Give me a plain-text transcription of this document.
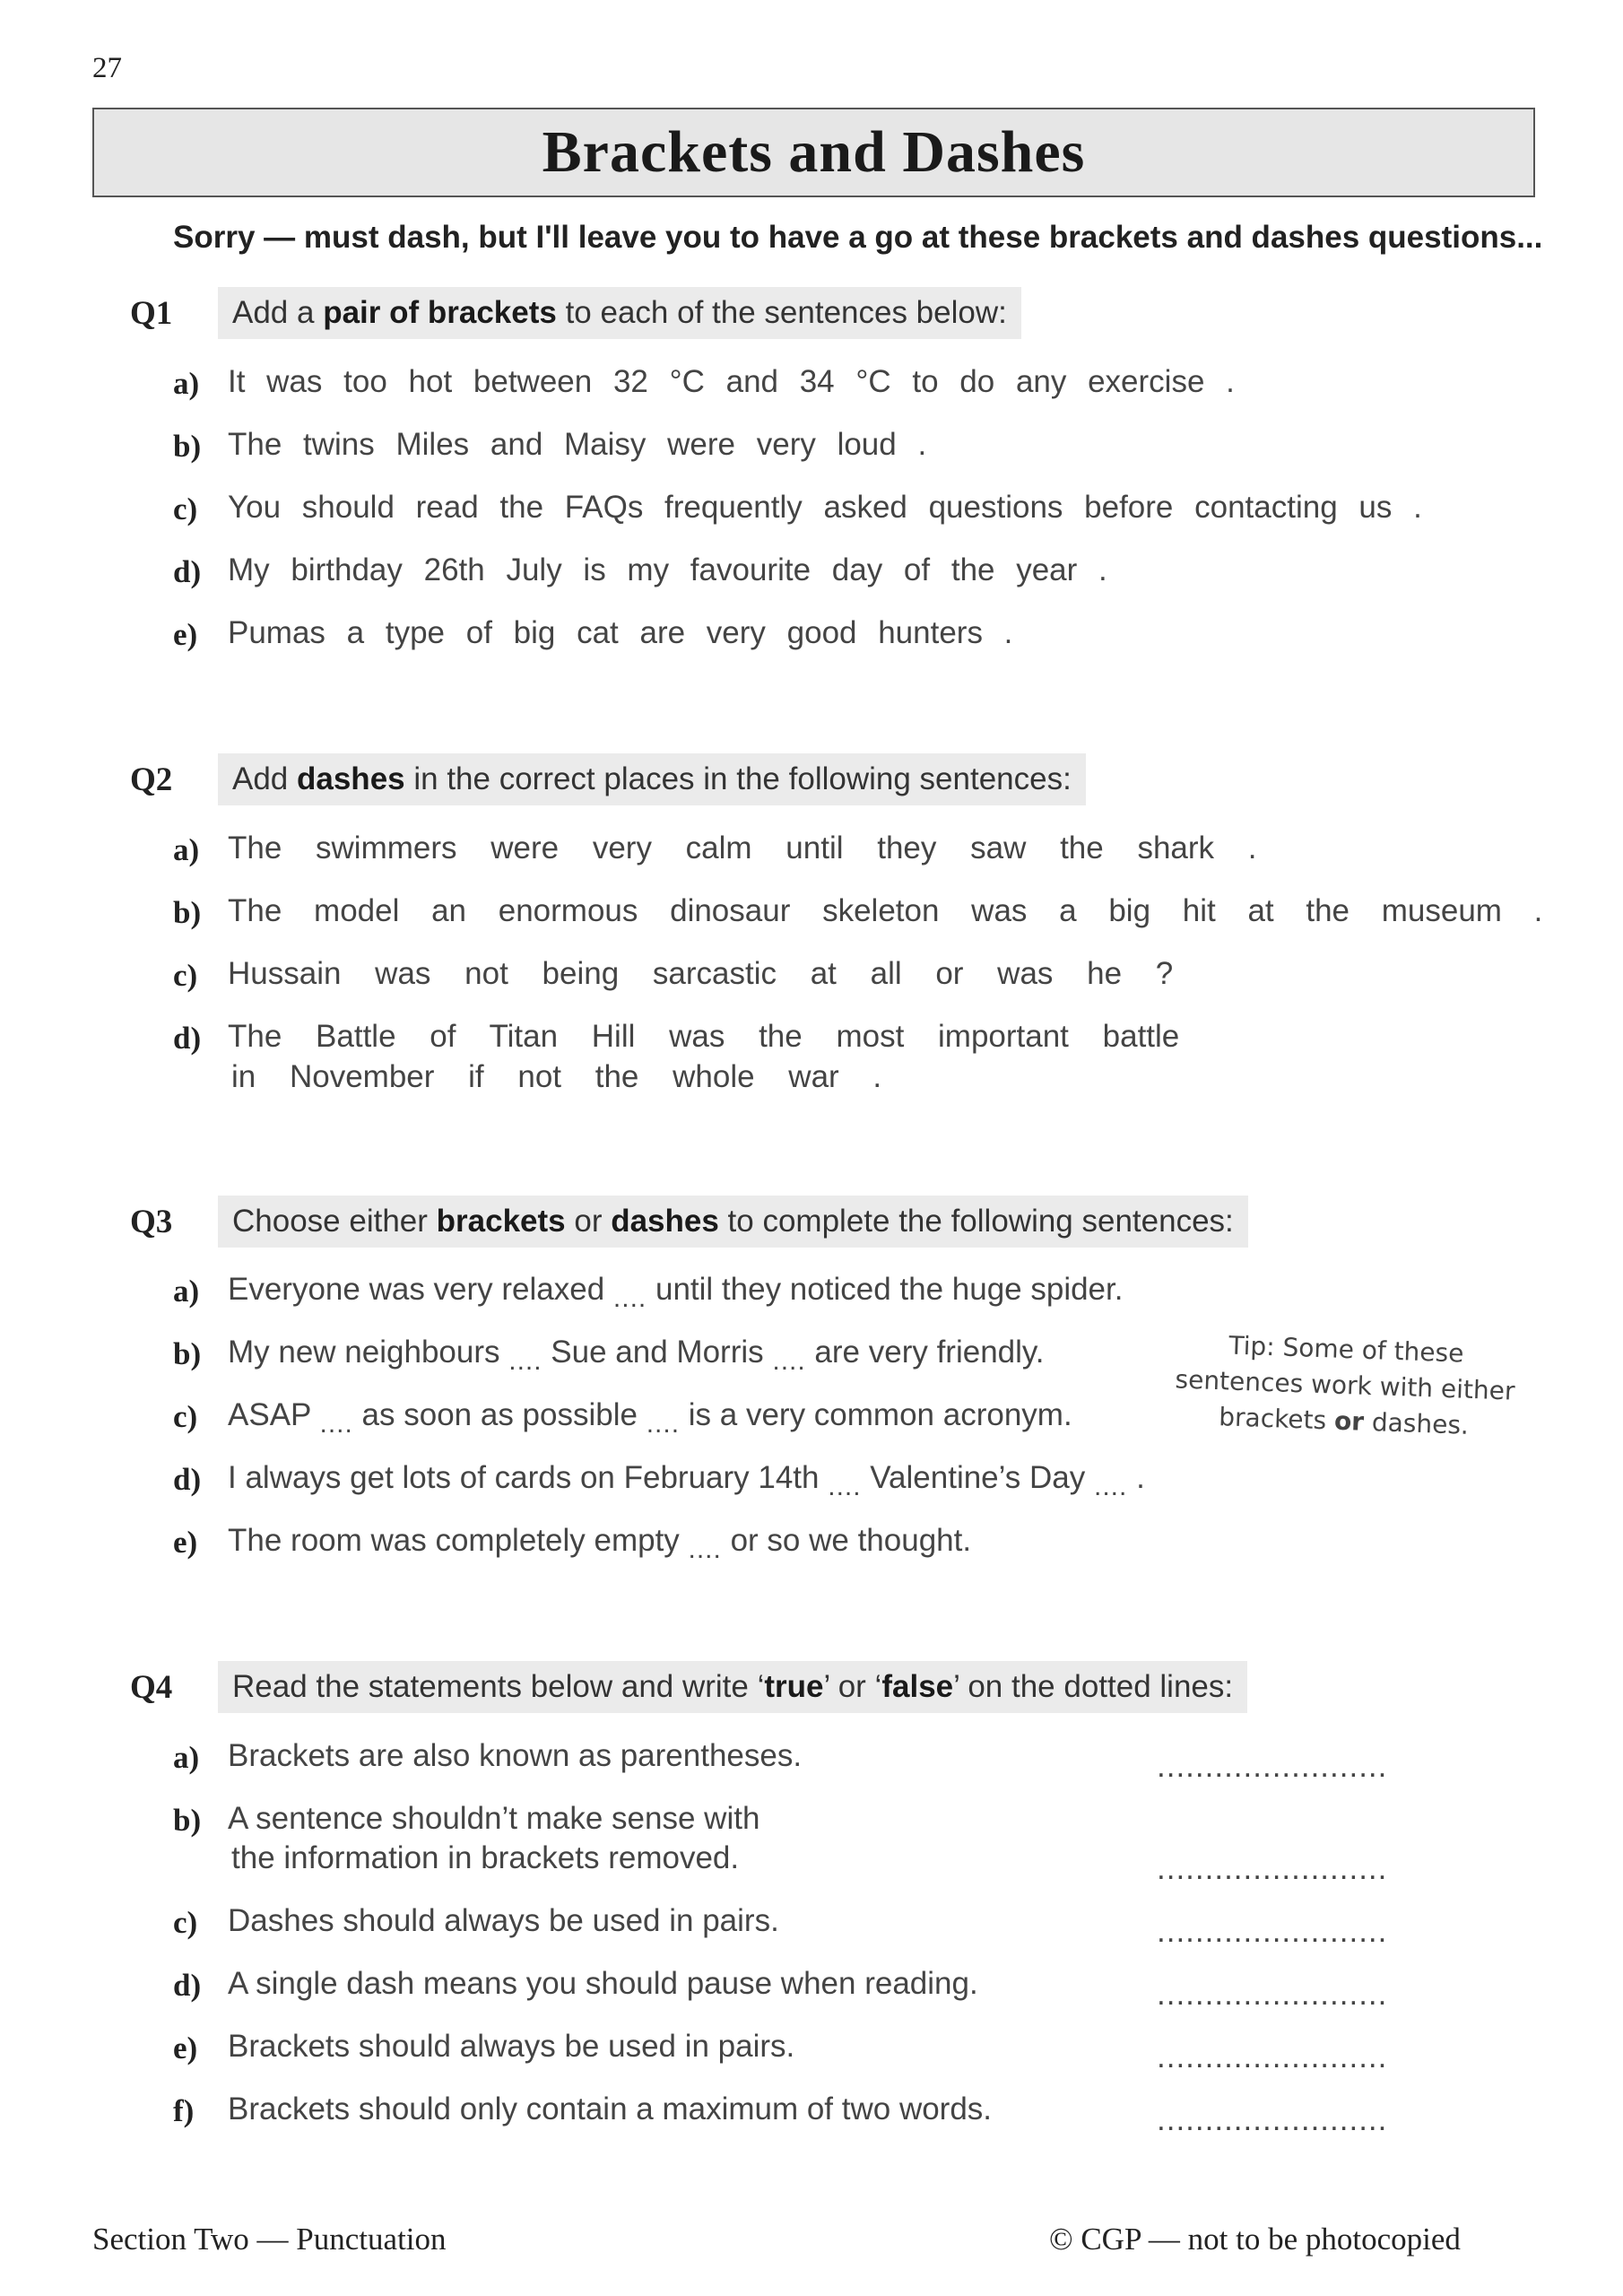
27
Brackets and Dashes
Sorry — must dash, but I'll leave you to have a go at these brackets and dashes questions...
Q1	Add a pair of brackets to each of the sentences below:
a) It was too hot between 32 °C and 34 °C to do any exercise .
b) The twins Miles and Maisy were very loud .
c) You should read the FAQs frequently asked questions before contacting us .
d) My birthday 26th July is my favourite day of the year .
e) Pumas a type of big cat are very good hunters .
Q2	Add dashes in the correct places in the following sentences:
a) The swimmers were very calm until they saw the shark .
b) The model an enormous dinosaur skeleton was a big hit at the museum .
c) Hussain was not being sarcastic at all or was he ?
d) The Battle of Titan Hill was the most important battle
in November if not the whole war .
Q3	Choose either brackets or dashes to complete the following sentences:
a) Everyone was very relaxed .... until they noticed the huge spider.
b) My new neighbours .... Sue and Morris .... are very friendly.
c) ASAP .... as soon as possible .... is a very common acronym.
d) I always get lots of cards on February 14th .... Valentine’s Day .... .
e) The room was completely empty .... or so we thought.
Tip: Some of these
sentences work with either
brackets or dashes.
Q4	Read the statements below and write ‘true’ or ‘false’ on the dotted lines:
a) Brackets are also known as parentheses.	........................
b) A sentence shouldn’t make sense with
the information in brackets removed.	........................
c) Dashes should always be used in pairs.	........................
d) A single dash means you should pause when reading.	........................
e) Brackets should always be used in pairs.	........................
f) Brackets should only contain a maximum of two words.	........................
Section Two — Punctuation	© CGP — not to be photocopied
